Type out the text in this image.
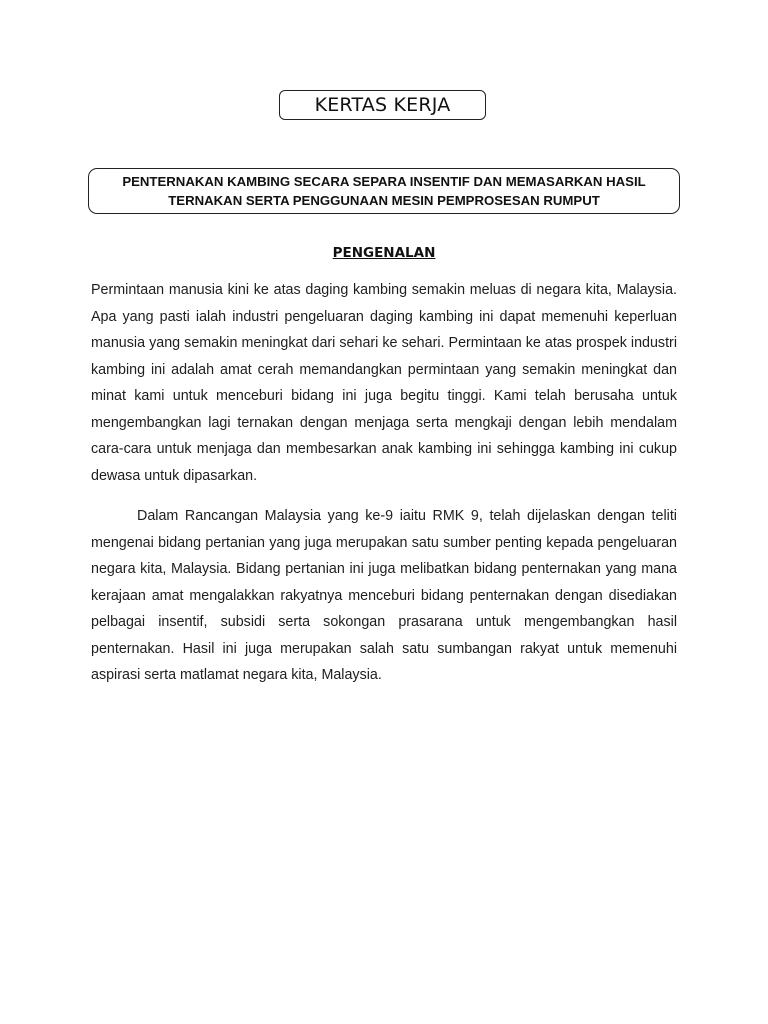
KERTAS KERJA
PENTERNAKAN KAMBING SECARA SEPARA INSENTIF DAN MEMASARKAN HASIL
TERNAKAN SERTA PENGGUNAAN MESIN PEMPROSESAN RUMPUT
PENGENALAN

Permintaan manusia kini ke atas daging kambing semakin meluas di negara kita, Malaysia. Apa yang pasti ialah industri pengeluaran daging kambing ini dapat memenuhi keperluan manusia yang semakin meningkat dari sehari ke sehari. Permintaan ke atas prospek industri kambing ini adalah amat cerah memandangkan permintaan yang semakin meningkat dan minat kami untuk menceburi bidang ini juga begitu tinggi. Kami telah berusaha untuk mengembangkan lagi ternakan dengan menjaga serta mengkaji dengan lebih mendalam cara-cara untuk menjaga dan membesarkan anak kambing ini sehingga kambing ini cukup dewasa untuk dipasarkan.

Dalam Rancangan Malaysia yang ke-9 iaitu RMK 9, telah dijelaskan dengan teliti mengenai bidang pertanian yang juga merupakan satu sumber penting kepada pengeluaran negara kita, Malaysia. Bidang pertanian ini juga melibatkan bidang penternakan yang mana kerajaan amat mengalakkan rakyatnya menceburi bidang penternakan dengan disediakan pelbagai insentif, subsidi serta sokongan prasarana untuk mengembangkan hasil penternakan. Hasil ini juga merupakan salah satu sumbangan rakyat untuk memenuhi aspirasi serta matlamat negara kita, Malaysia.
